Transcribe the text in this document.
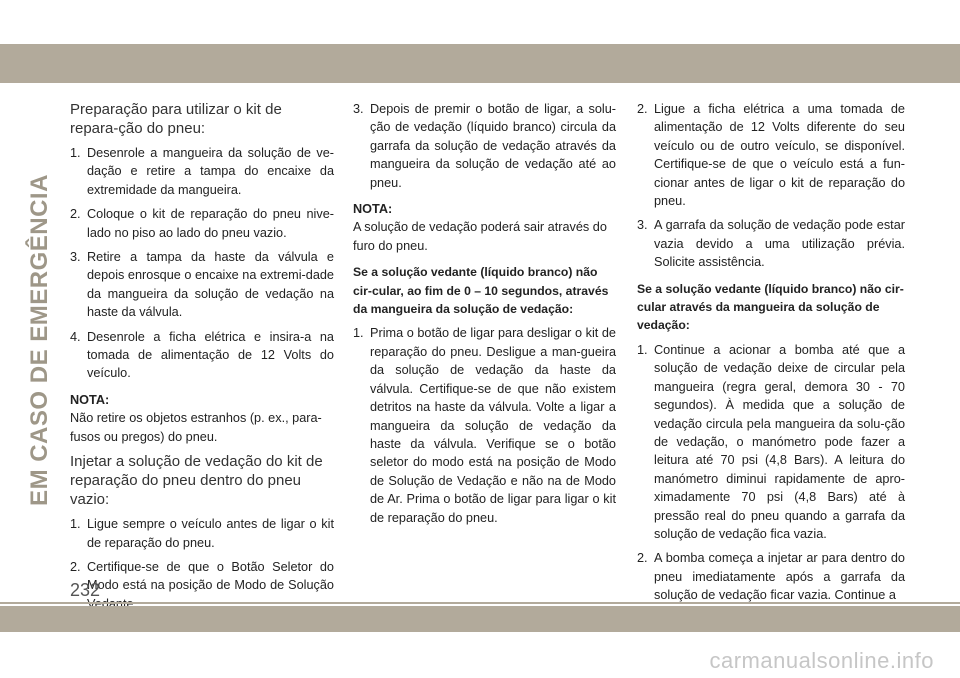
EM CASO DE EMERGÊNCIA
Preparação para utilizar o kit de repara-ção do pneu:
1. Desenrole a mangueira da solução de ve-dação e retire a tampa do encaixe da extremidade da mangueira.
2. Coloque o kit de reparação do pneu nive-lado no piso ao lado do pneu vazio.
3. Retire a tampa da haste da válvula e depois enrosque o encaixe na extremi-dade da mangueira da solução de vedação na haste da válvula.
4. Desenrole a ficha elétrica e insira-a na tomada de alimentação de 12 Volts do veículo.
NOTA:
Não retire os objetos estranhos (p. ex., para-fusos ou pregos) do pneu.
Injetar a solução de vedação do kit de reparação do pneu dentro do pneu vazio:
1. Ligue sempre o veículo antes de ligar o kit de reparação do pneu.
2. Certifique-se de que o Botão Seletor do Modo está na posição de Modo de Solução
3. Depois de premir o botão de ligar, a solu-ção de vedação (líquido branco) circula da garrafa da solução de vedação através da mangueira da solução de vedação até ao pneu.
NOTA:
A solução de vedação poderá sair através do furo do pneu.
Se a solução vedante (líquido branco) não cir-cular, ao fim de 0 – 10 segundos, através da mangueira da solução de vedação:
1. Prima o botão de ligar para desligar o kit de reparação do pneu. Desligue a man-gueira da solução de vedação da haste da válvula. Certifique-se de que não existem detritos na haste da válvula. Volte a ligar a mangueira da solução de vedação da haste da válvula. Verifique se o botão seletor do modo está na posição de Modo de Solução de Vedação e não na de Modo de Ar. Prima o botão de ligar para ligar o kit de reparação do pneu.
2. Ligue a ficha elétrica a uma tomada de alimentação de 12 Volts diferente do seu veículo ou de outro veículo, se disponível. Certifique-se de que o veículo está a fun-cionar antes de ligar o kit de reparação do pneu.
3. A garrafa da solução de vedação pode estar vazia devido a uma utilização prévia. Solicite assistência.
Se a solução vedante (líquido branco) não cir-cular através da mangueira da solução de vedação:
1. Continue a acionar a bomba até que a solução de vedação deixe de circular pela mangueira (regra geral, demora 30 - 70 segundos). À medida que a solução de vedação circula pela mangueira da solu-ção de vedação, o manómetro pode fazer a leitura até 70 psi (4,8 Bars). A leitura do manómetro diminui rapidamente de apro-ximadamente 70 psi (4,8 Bars) até à pressão real do pneu quando a garrafa da solução de vedação fica vazia.
2. A bomba começa a injetar ar para dentro do pneu imediatamente após a garrafa da solução de vedação ficar vazia. Continue a
232
carmanualsonline.info
